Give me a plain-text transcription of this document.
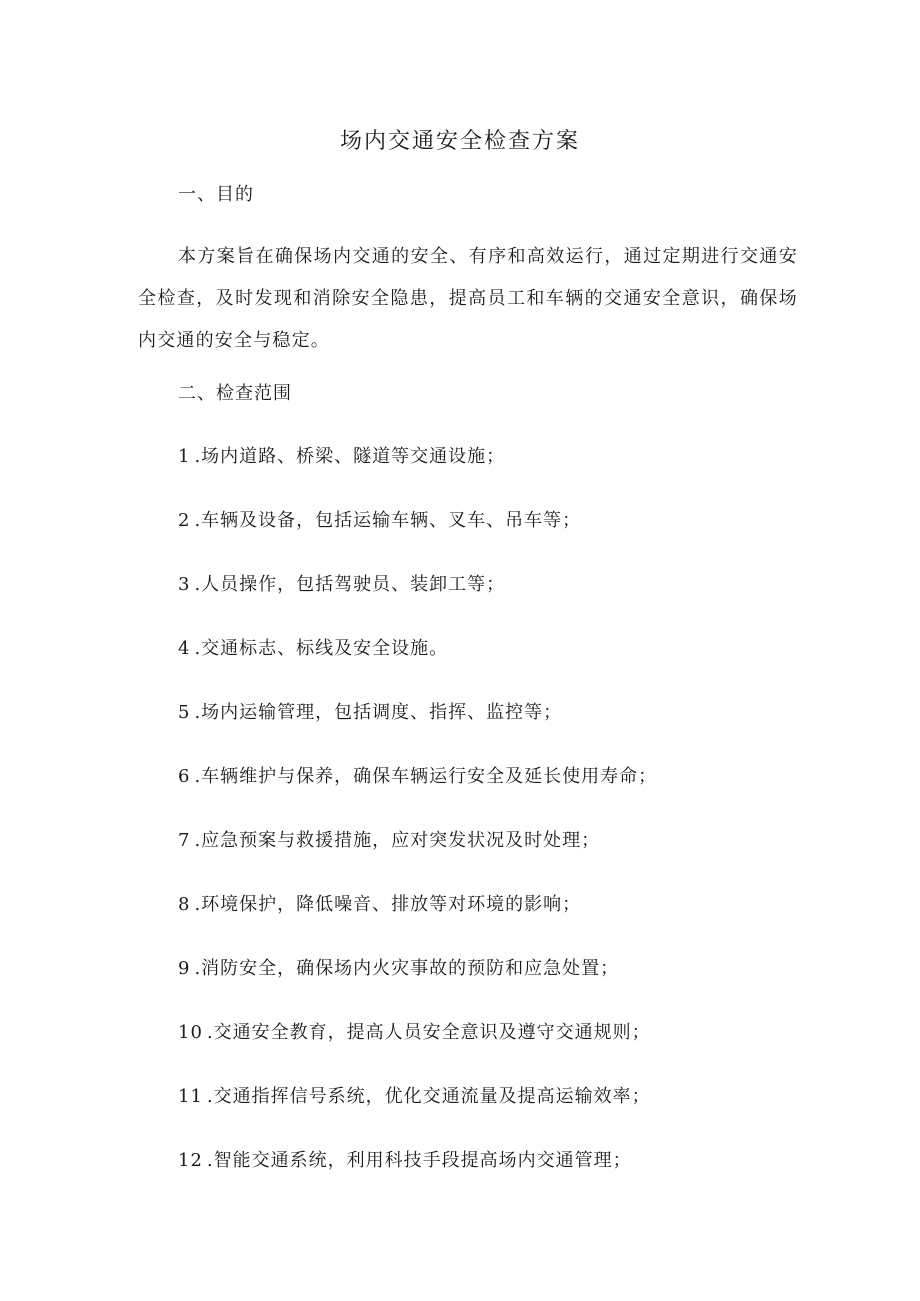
场内交通安全检查方案
一、目的
本方案旨在确保场内交通的安全、有序和高效运行，通过定期进行交通安全检查，及时发现和消除安全隐患，提高员工和车辆的交通安全意识，确保场内交通的安全与稳定。
二、检查范围
1 .场内道路、桥梁、隧道等交通设施；
2 .车辆及设备，包括运输车辆、叉车、吊车等；
3 .人员操作，包括驾驶员、装卸工等；
4 .交通标志、标线及安全设施。
5 .场内运输管理，包括调度、指挥、监控等；
6 .车辆维护与保养，确保车辆运行安全及延长使用寿命；
7 .应急预案与救援措施，应对突发状况及时处理；
8 .环境保护，降低噪音、排放等对环境的影响；
9 .消防安全，确保场内火灾事故的预防和应急处置；
10 .交通安全教育，提高人员安全意识及遵守交通规则；
11 .交通指挥信号系统，优化交通流量及提高运输效率；
12 .智能交通系统，利用科技手段提高场内交通管理；
